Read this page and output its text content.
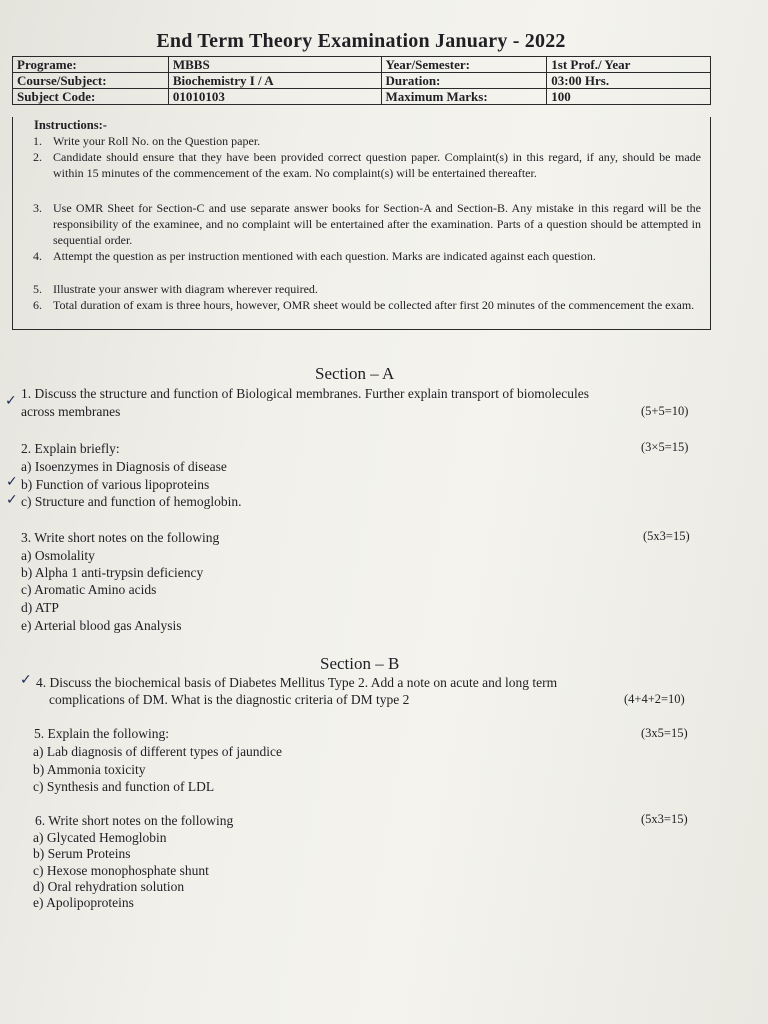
End Term Theory Examination January - 2022
Programe:	MBBS	Year/Semester:	1st Prof./ Year
Course/Subject:	Biochemistry I / A	Duration:	03:00 Hrs.
Subject Code:	01010103	Maximum Marks:	100
Instructions:-
1. Write your Roll No. on the Question paper.
2. Candidate should ensure that they have been provided correct question paper. Complaint(s) in this regard, if any, should be made within 15 minutes of the commencement of the exam. No complaint(s) will be entertained thereafter.
3. Use OMR Sheet for Section-C and use separate answer books for Section-A and Section-B. Any mistake in this regard will be the responsibility of the examinee, and no complaint will be entertained after the examination. Parts of a question should be attempted in sequential order.
4. Attempt the question as per instruction mentioned with each question. Marks are indicated against each question.
5. Illustrate your answer with diagram wherever required.
6. Total duration of exam is three hours, however, OMR sheet would be collected after first 20 minutes of the commencement the exam.
Section – A
1. Discuss the structure and function of Biological membranes. Further explain transport of biomolecules
across membranes	(5+5=10)
2. Explain briefly:	(3×5=15)
a) Isoenzymes in Diagnosis of disease
b) Function of various lipoproteins
c) Structure and function of hemoglobin.
3. Write short notes on the following	(5x3=15)
a) Osmolality
b) Alpha 1 anti-trypsin deficiency
c) Aromatic Amino acids
d) ATP
e) Arterial blood gas Analysis
Section – B
4. Discuss the biochemical basis of Diabetes Mellitus Type 2. Add a note on acute and long term
complications of DM. What is the diagnostic criteria of DM type 2	(4+4+2=10)
5. Explain the following:	(3x5=15)
a) Lab diagnosis of different types of jaundice
b) Ammonia toxicity
c) Synthesis and function of LDL
6. Write short notes on the following	(5x3=15)
a) Glycated Hemoglobin
b) Serum Proteins
c) Hexose monophosphate shunt
d) Oral rehydration solution
e) Apolipoproteins
✓
✓
✓
✓
